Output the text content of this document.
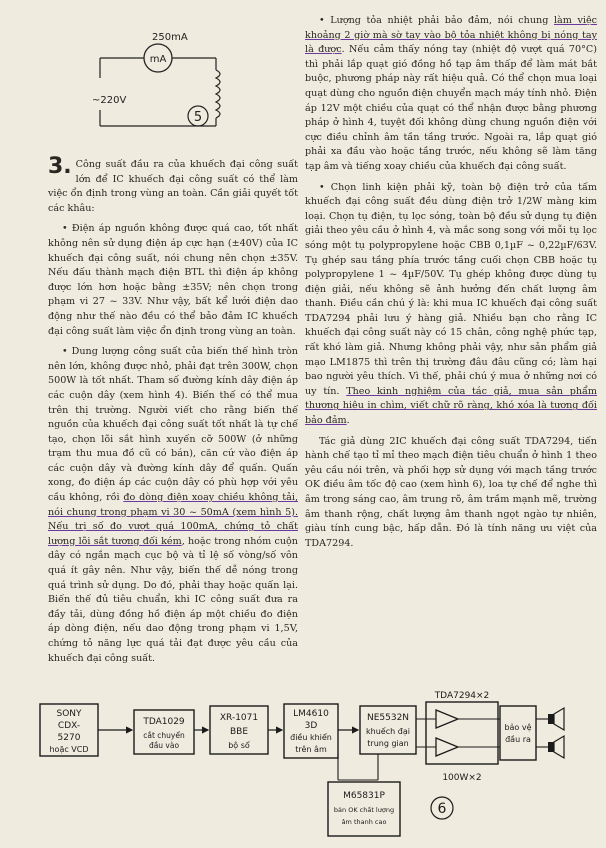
mA
250mA
~220V
5

3. Công suất đầu ra của khuếch đại công suất lớn để IC khuếch đại công suất có thể làm việc ổn định trong vùng an toàn. Cần giải quyết tốt các khâu:

• Điện áp nguồn không được quá cao, tốt nhất không nên sử dụng điện áp cực hạn (±40V) của IC khuếch đại công suất, nói chung nên chọn ±35V. Nếu đấu thành mạch điện BTL thì điện áp không được lớn hơn hoặc bằng ±35V; nên chọn trong phạm vi 27 ~ 33V. Như vậy, bất kể lưới điện dao động như thế nào đều có thể bảo đảm IC khuếch đại công suất làm việc ổn định trong vùng an toàn.

• Dung lượng công suất của biến thế hình tròn nên lớn, không được nhỏ, phải đạt trên 300W, chọn 500W là tốt nhất. Tham số đường kính dây điện áp các cuộn dây (xem hình 4). Biến thế có thể mua trên thị trường. Người viết cho rằng biến thế nguồn của khuếch đại công suất tốt nhất là tự chế tạo, chọn lõi sắt hình xuyến cỡ 500W (ở những trạm thu mua đồ cũ có bán), căn cứ vào điện áp các cuộn dây và đường kính dây để quấn. Quấn xong, đo điện áp các cuộn dây có phù hợp với yêu cầu không, rồi đo dòng điện xoay chiều không tải, nói chung trong phạm vi 30 ~ 50mA (xem hình 5). Nếu trị số đo vượt quá 100mA, chứng tỏ chất lượng lõi sắt tương đối kém, hoặc trong nhóm cuộn dây có ngắn mạch cục bộ và tỉ lệ số vòng/số vôn quá ít gây nên. Như vậy, biến thế dễ nóng trong quá trình sử dụng. Do đó, phải thay hoặc quấn lại. Biến thế đủ tiêu chuẩn, khi IC công suất đưa ra đầy tải, dùng đồng hồ điện áp một chiều đo điện áp dòng điện, nếu dao động trong phạm vi 1,5V, chứng tỏ năng lực quá tải đạt được yêu cầu của khuếch đại công suất.

• Lượng tỏa nhiệt phải bảo đảm, nói chung làm việc khoảng 2 giờ mà sờ tay vào bộ tỏa nhiệt không bị nóng tay là được. Nếu cảm thấy nóng tay (nhiệt độ vượt quá 70°C) thì phải lắp quạt gió đồng hồ tạp âm thấp để làm mát bắt buộc, phương pháp này rất hiệu quả. Có thể chọn mua loại quạt dùng cho nguồn điện chuyển mạch máy tính nhỏ. Điện áp 12V một chiều của quạt có thể nhận được bằng phương pháp ở hình 4, tuyệt đối không dùng chung nguồn điện với cực điều chỉnh âm tần tầng trước. Ngoài ra, lắp quạt gió phải xa đầu vào hoặc tầng trước, nếu không sẽ làm tăng tạp âm và tiếng xoay chiều của khuếch đại công suất.

• Chọn linh kiện phải kỹ, toàn bộ điện trở của tấm khuếch đại công suất đều dùng điện trở 1/2W màng kim loại. Chọn tụ điện, tụ lọc sóng, toàn bộ đều sử dụng tụ điện giải theo yêu cầu ở hình 4, và mắc song song với mỗi tụ lọc sóng một tụ polypropylene hoặc CBB 0,1µF ~ 0,22µF/63V. Tụ ghép sau tầng phía trước tầng cuối chọn CBB hoặc tụ polypropylene 1 ~ 4µF/50V. Tụ ghép không được dùng tụ điện giải, nếu không sẽ ảnh hưởng đến chất lượng âm thanh. Điều cần chú ý là: khi mua IC khuếch đại công suất TDA7294 phải lưu ý hàng giả. Nhiều bạn cho rằng IC khuếch đại công suất này có 15 chân, công nghệ phức tạp, rất khó làm giả. Nhưng không phải vậy, như sản phẩm giả mạo LM1875 thì trên thị trường đâu đâu cũng có; làm hại bao người yêu thích. Vì thế, phải chú ý mua ở những nơi có uy tín. Theo kinh nghiệm của tác giả, mua sản phẩm thương hiệu in chìm, viết chữ rõ ràng, khó xóa là tương đối bảo đảm.

Tác giả dùng 2IC khuếch đại công suất TDA7294, tiến hành chế tạo tỉ mỉ theo mạch điện tiêu chuẩn ở hình 1 theo yêu cầu nói trên, và phối hợp sử dụng với mạch tầng trước OK điều âm tốc độ cao (xem hình 6), loa tự chế để nghe thì âm trong sáng cao, âm trung rõ, âm trầm mạnh mẽ, trường âm thanh rộng, chất lượng âm thanh ngọt ngào tự nhiên, giàu tính cung bậc, hấp dẫn. Đó là tính năng ưu việt của TDA7294.

SONY
CDX-
5270
hoặc VCD
TDA1029
cắt chuyển
đầu vào
XR-1071
BBE
bộ sổ
LM4610
3D
điều khiển
trên âm
NE5532N
khuếch đại
trung gian
TDA7294×2
100W×2
bảo vệ
đầu ra
M65831P
bản OK chất lượng
âm thanh cao
6
